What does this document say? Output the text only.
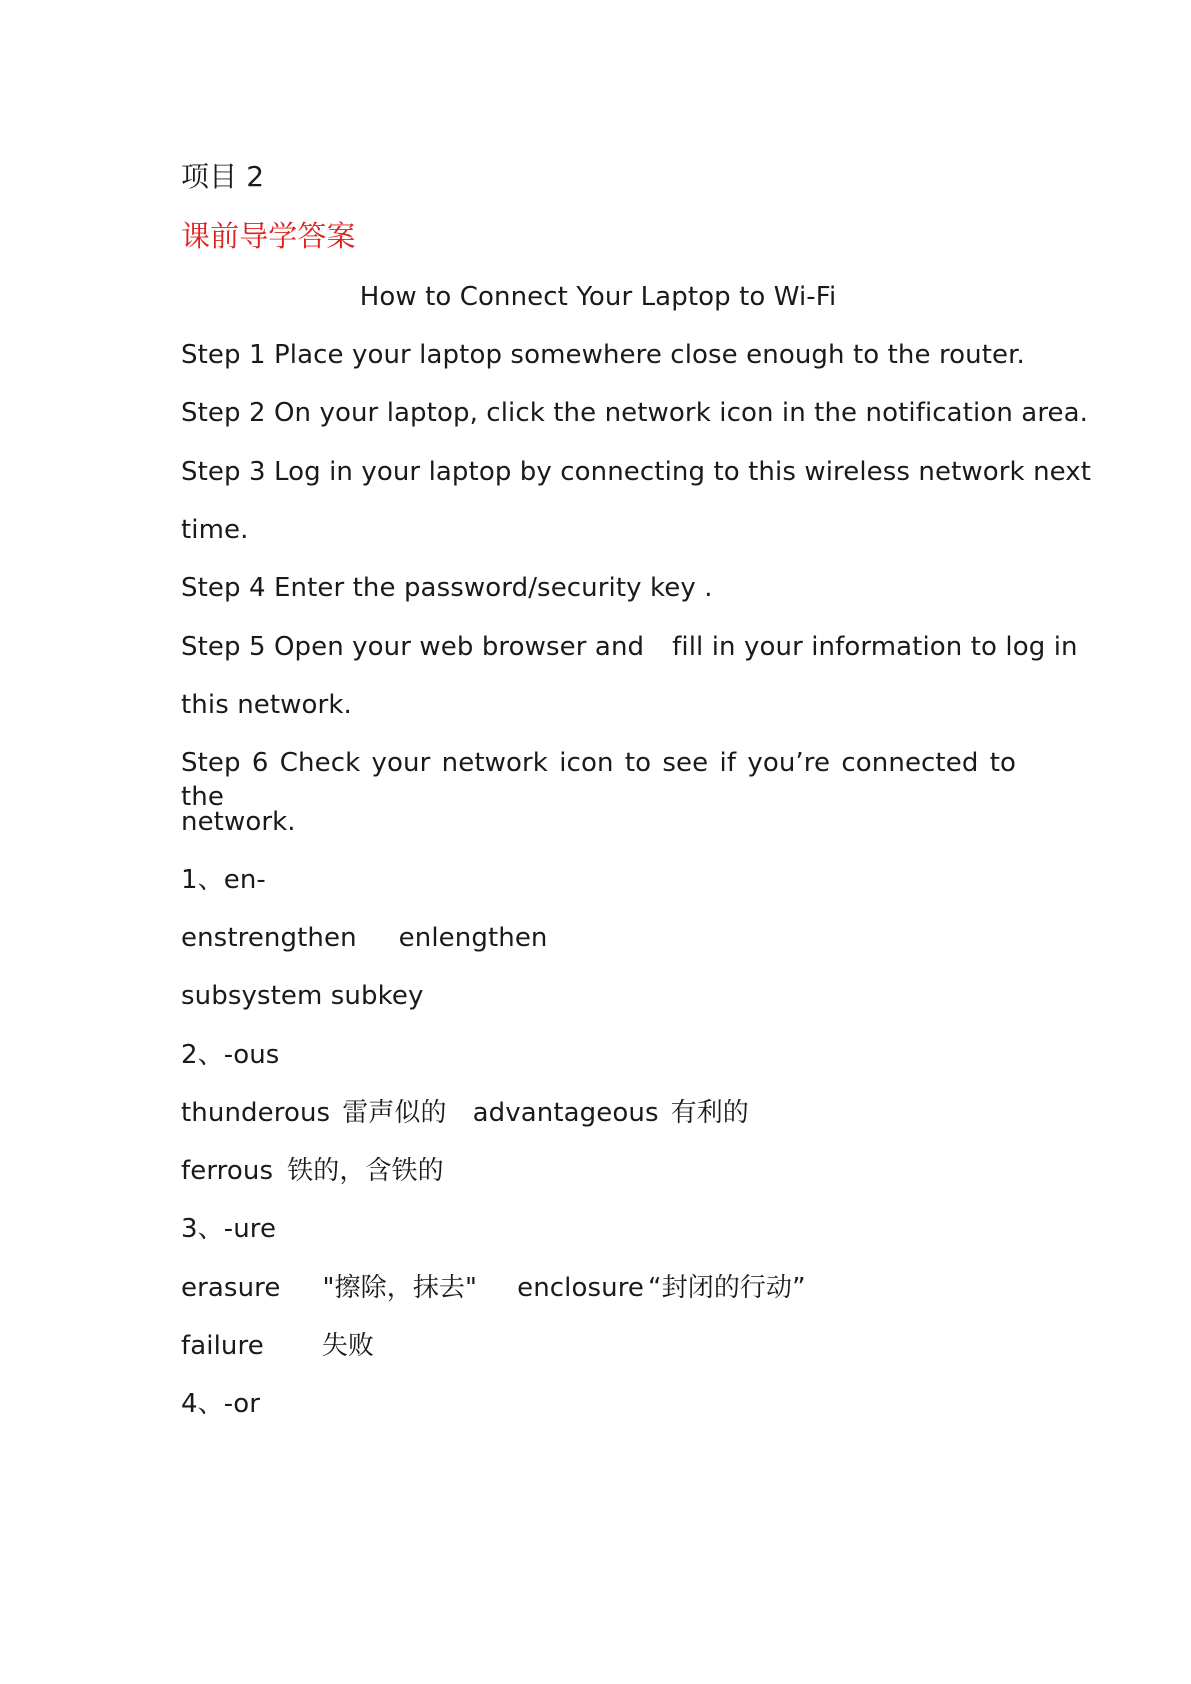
项目 2
课前导学答案
How to Connect Your Laptop to Wi-Fi
Step 1 Place your laptop somewhere close enough to the router.
Step 2 On your laptop, click the network icon in the notification area.
Step 3 Log in your laptop by connecting to this wireless network next
time.
Step 4 Enter the password/security key .
Step 5 Open your web browser and fill in your information to log in
this network.
Step 6 Check your network icon to see if you’re connected to the
network.
1、en-
enstrengthen enlengthen
subsystem subkey
2、-ous
thunderous 雷声似的 advantageous 有利的
ferrous 铁的，含铁的
3、-ure
erasure "擦除，抹去" enclosure “封闭的行动”
failure 失败
4、-or
